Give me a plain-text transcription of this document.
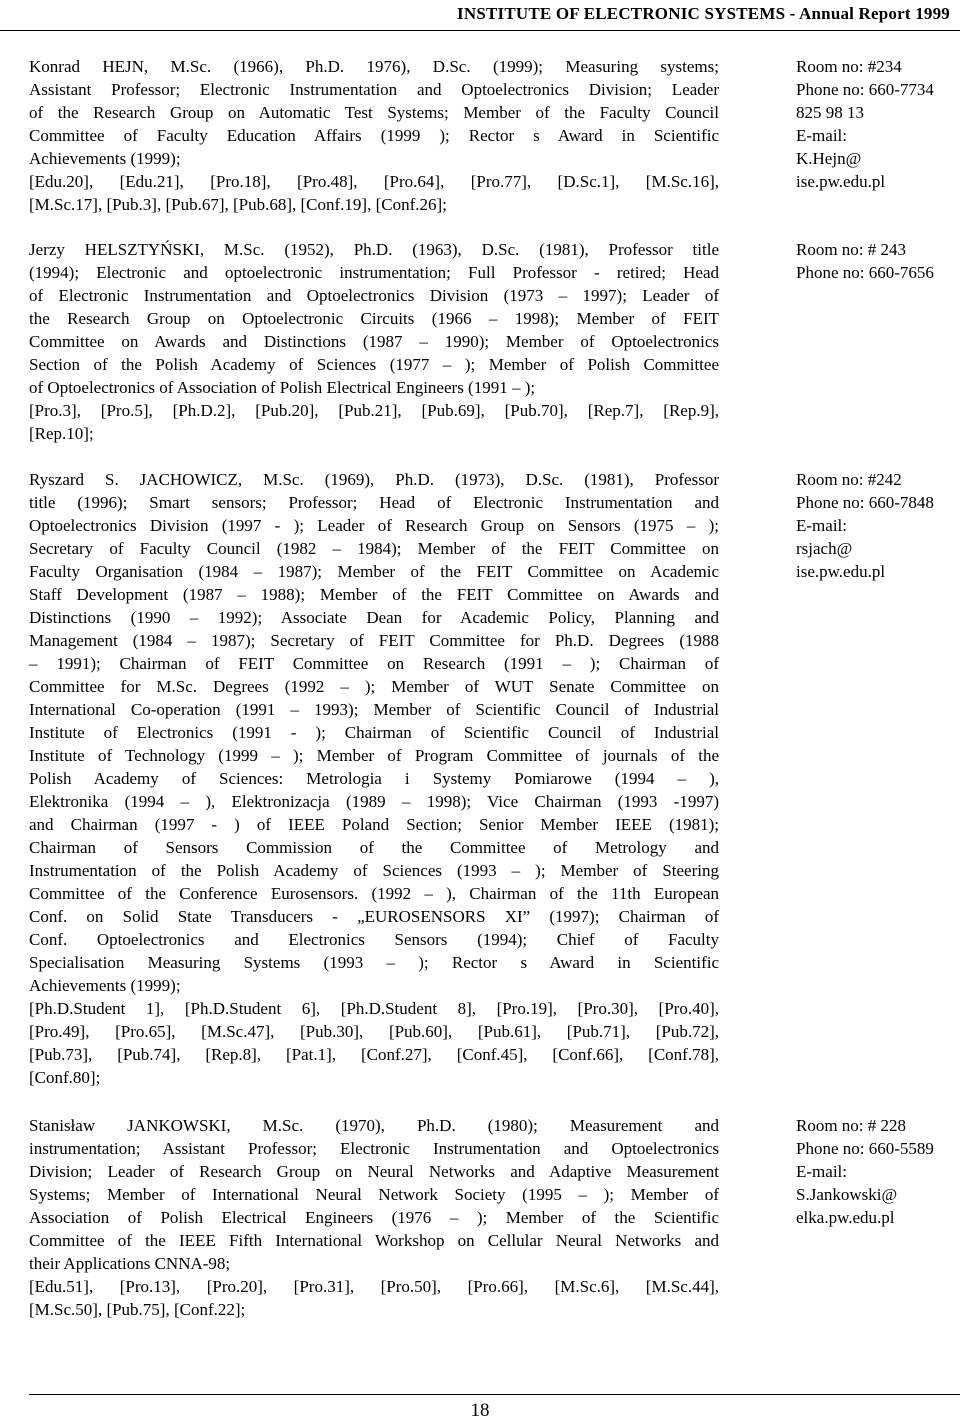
INSTITUTE OF ELECTRONIC SYSTEMS - Annual Report 1999
Konrad HEJN, M.Sc. (1966), Ph.D. 1976), D.Sc. (1999); Measuring systems;
Assistant Professor; Electronic Instrumentation and Optoelectronics Division; Leader
of the Research Group on Automatic Test Systems; Member of the Faculty Council
Committee of Faculty Education Affairs (1999 ); Rector s Award in Scientific
Achievements (1999);
[Edu.20], [Edu.21], [Pro.18], [Pro.48], [Pro.64], [Pro.77], [D.Sc.1], [M.Sc.16],
[M.Sc.17], [Pub.3], [Pub.67], [Pub.68], [Conf.19], [Conf.26];
Room no: #234
Phone no: 660-7734
825 98 13
E-mail:
K.Hejn@
ise.pw.edu.pl
Jerzy HELSZTYŃSKI, M.Sc. (1952), Ph.D. (1963), D.Sc. (1981), Professor title
(1994); Electronic and optoelectronic instrumentation; Full Professor - retired; Head
of Electronic Instrumentation and Optoelectronics Division (1973 – 1997); Leader of
the Research Group on Optoelectronic Circuits (1966 – 1998); Member of FEIT
Committee on Awards and Distinctions (1987 – 1990); Member of Optoelectronics
Section of the Polish Academy of Sciences (1977 – ); Member of Polish Committee
of Optoelectronics of Association of Polish Electrical Engineers (1991 – );
[Pro.3], [Pro.5], [Ph.D.2], [Pub.20], [Pub.21], [Pub.69], [Pub.70], [Rep.7], [Rep.9],
[Rep.10];
Room no: # 243
Phone no: 660-7656
Ryszard S. JACHOWICZ, M.Sc. (1969), Ph.D. (1973), D.Sc. (1981), Professor
title (1996); Smart sensors; Professor; Head of Electronic Instrumentation and
Optoelectronics Division (1997 - ); Leader of Research Group on Sensors (1975 – );
Secretary of Faculty Council (1982 – 1984); Member of the FEIT Committee on
Faculty Organisation (1984 – 1987); Member of the FEIT Committee on Academic
Staff Development (1987 – 1988); Member of the FEIT Committee on Awards and
Distinctions (1990 – 1992); Associate Dean for Academic Policy, Planning and
Management (1984 – 1987); Secretary of FEIT Committee for Ph.D. Degrees (1988
– 1991); Chairman of FEIT Committee on Research (1991 – ); Chairman of
Committee for M.Sc. Degrees (1992 – ); Member of WUT Senate Committee on
International Co-operation (1991 – 1993); Member of Scientific Council of Industrial
Institute of Electronics (1991 - ); Chairman of Scientific Council of Industrial
Institute of Technology (1999 – ); Member of Program Committee of journals of the
Polish Academy of Sciences: Metrologia i Systemy Pomiarowe (1994 – ),
Elektronika (1994 – ), Elektronizacja (1989 – 1998); Vice Chairman (1993 -1997)
and Chairman (1997 - ) of IEEE Poland Section; Senior Member IEEE (1981);
Chairman of Sensors Commission of the Committee of Metrology and
Instrumentation of the Polish Academy of Sciences (1993 – ); Member of Steering
Committee of the Conference Eurosensors. (1992 – ), Chairman of the 11th European
Conf. on Solid State Transducers - „EUROSENSORS XI” (1997); Chairman of
Conf. Optoelectronics and Electronics Sensors (1994); Chief of Faculty
Specialisation Measuring Systems (1993 – ); Rector s Award in Scientific
Achievements (1999);
[Ph.D.Student 1], [Ph.D.Student 6], [Ph.D.Student 8], [Pro.19], [Pro.30], [Pro.40],
[Pro.49], [Pro.65], [M.Sc.47], [Pub.30], [Pub.60], [Pub.61], [Pub.71], [Pub.72],
[Pub.73], [Pub.74], [Rep.8], [Pat.1], [Conf.27], [Conf.45], [Conf.66], [Conf.78],
[Conf.80];
Room no: #242
Phone no: 660-7848
E-mail:
rsjach@
ise.pw.edu.pl
Stanisław JANKOWSKI, M.Sc. (1970), Ph.D. (1980); Measurement and
instrumentation; Assistant Professor; Electronic Instrumentation and Optoelectronics
Division; Leader of Research Group on Neural Networks and Adaptive Measurement
Systems; Member of International Neural Network Society (1995 – ); Member of
Association of Polish Electrical Engineers (1976 – ); Member of the Scientific
Committee of the IEEE Fifth International Workshop on Cellular Neural Networks and
their Applications CNNA-98;
[Edu.51], [Pro.13], [Pro.20], [Pro.31], [Pro.50], [Pro.66], [M.Sc.6], [M.Sc.44],
[M.Sc.50], [Pub.75], [Conf.22];
Room no: # 228
Phone no: 660-5589
E-mail:
S.Jankowski@
elka.pw.edu.pl
18
